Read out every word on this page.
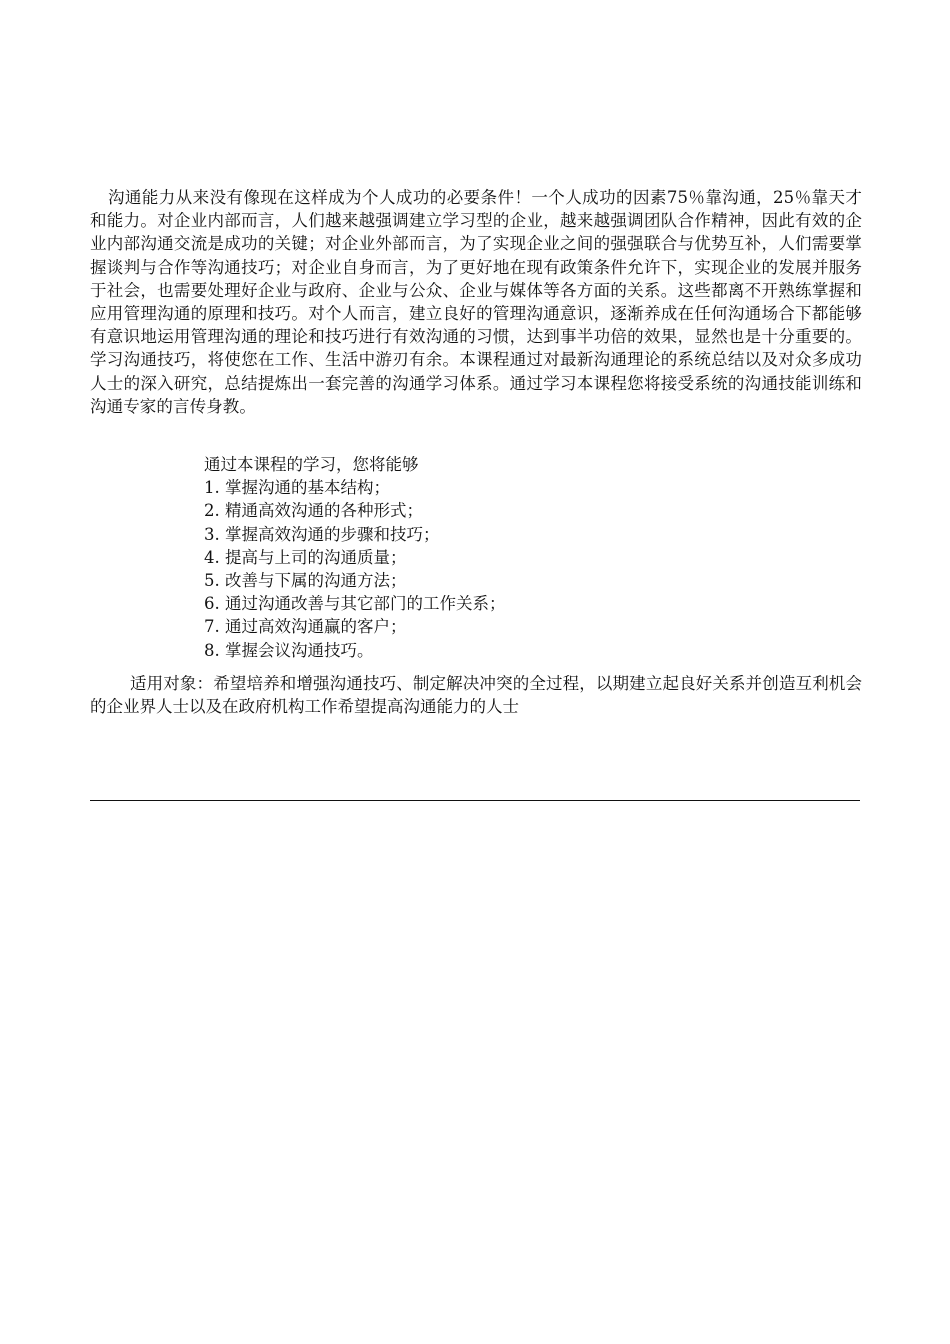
沟通能力从来没有像现在这样成为个人成功的必要条件！一个人成功的因素75％靠沟通，25％靠天才和能力。对企业内部而言，人们越来越强调建立学习型的企业，越来越强调团队合作精神，因此有效的企业内部沟通交流是成功的关键；对企业外部而言，为了实现企业之间的强强联合与优势互补，人们需要掌握谈判与合作等沟通技巧；对企业自身而言，为了更好地在现有政策条件允许下，实现企业的发展并服务于社会，也需要处理好企业与政府、企业与公众、企业与媒体等各方面的关系。这些都离不开熟练掌握和应用管理沟通的原理和技巧。对个人而言，建立良好的管理沟通意识，逐渐养成在任何沟通场合下都能够有意识地运用管理沟通的理论和技巧进行有效沟通的习惯，达到事半功倍的效果，显然也是十分重要的。学习沟通技巧，将使您在工作、生活中游刃有余。本课程通过对最新沟通理论的系统总结以及对众多成功人士的深入研究，总结提炼出一套完善的沟通学习体系。通过学习本课程您将接受系统的沟通技能训练和沟通专家的言传身教。

通过本课程的学习，您将能够
1. 掌握沟通的基本结构；
2. 精通高效沟通的各种形式；
3. 掌握高效沟通的步骤和技巧；
4. 提高与上司的沟通质量；
5. 改善与下属的沟通方法；
6. 通过沟通改善与其它部门的工作关系；
7. 通过高效沟通赢的客户；
8. 掌握会议沟通技巧。

适用对象：希望培养和增强沟通技巧、制定解决冲突的全过程，以期建立起良好关系并创造互利机会的企业界人士以及在政府机构工作希望提高沟通能力的人士
